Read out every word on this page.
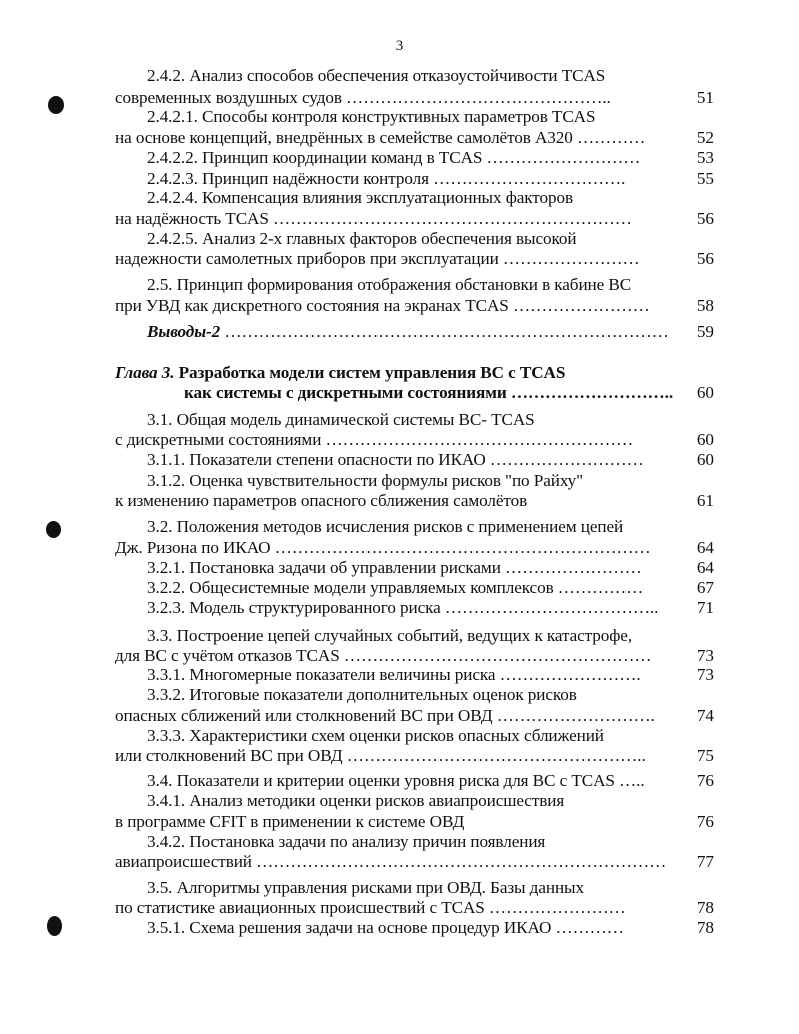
3
2.4.2. Анализ способов обеспечения отказоустойчивости TCAS
современных воздушных судов ………………………………………..	51
2.4.2.1. Способы контроля конструктивных параметров TCAS
на основе концепций, внедрённых в семействе самолётов А320 …………	52
2.4.2.2. Принцип координации команд в TCAS ………………………	53
2.4.2.3. Принцип надёжности контроля …………………………….	55
2.4.2.4. Компенсация влияния эксплуатационных факторов
на надёжность TCAS ………………………………………………………	56
2.4.2.5. Анализ 2-х главных факторов обеспечения высокой
надежности самолетных приборов при эксплуатации ……………………	56
2.5. Принцип формирования отображения обстановки в кабине ВС
при УВД как дискретного состояния на экранах TCAS ……………………	58
Выводы-2 ……………………………………………………………………	59
Глава 3. Разработка модели систем управления ВС с TCAS
как системы с дискретными состояниями ………………………..	60
3.1. Общая модель динамической системы ВС- TCAS
с дискретными состояниями ………………………………………………	60
3.1.1. Показатели степени опасности по ИКАО ………………………	60
3.1.2. Оценка чувствительности формулы рисков "по Райху"
к изменению параметров опасного сближения самолётов	61
3.2. Положения методов исчисления рисков с применением цепей
Дж. Ризона по ИКАО …………………………………………………………	64
3.2.1. Постановка задачи об управлении рисками ……………………	64
3.2.2. Общесистемные модели управляемых комплексов ……………	67
3.2.3. Модель структурированного риска ………………………………..	71
3.3. Построение цепей случайных событий, ведущих к катастрофе,
для ВС с учётом отказов TCAS ………………………………………………	73
3.3.1. Многомерные показатели величины риска …………………….	73
3.3.2. Итоговые показатели дополнительных оценок рисков
опасных сближений или столкновений ВС при ОВД ……………………….	74
3.3.3. Характеристики схем оценки рисков опасных сближений
или столкновений ВС при ОВД ……………………………………………..	75
3.4. Показатели и критерии оценки уровня риска для ВС с TCAS …..	76
3.4.1. Анализ методики оценки рисков авиапроисшествия
в программе CFIT в применении к системе ОВД	76
3.4.2. Постановка задачи по анализу причин появления
авиапроисшествий ………………………………………………………………	77
3.5. Алгоритмы управления рисками при ОВД. Базы данных
по статистике авиационных происшествий с TCAS ……………………	78
3.5.1. Схема решения задачи на основе процедур ИКАО …………	78
